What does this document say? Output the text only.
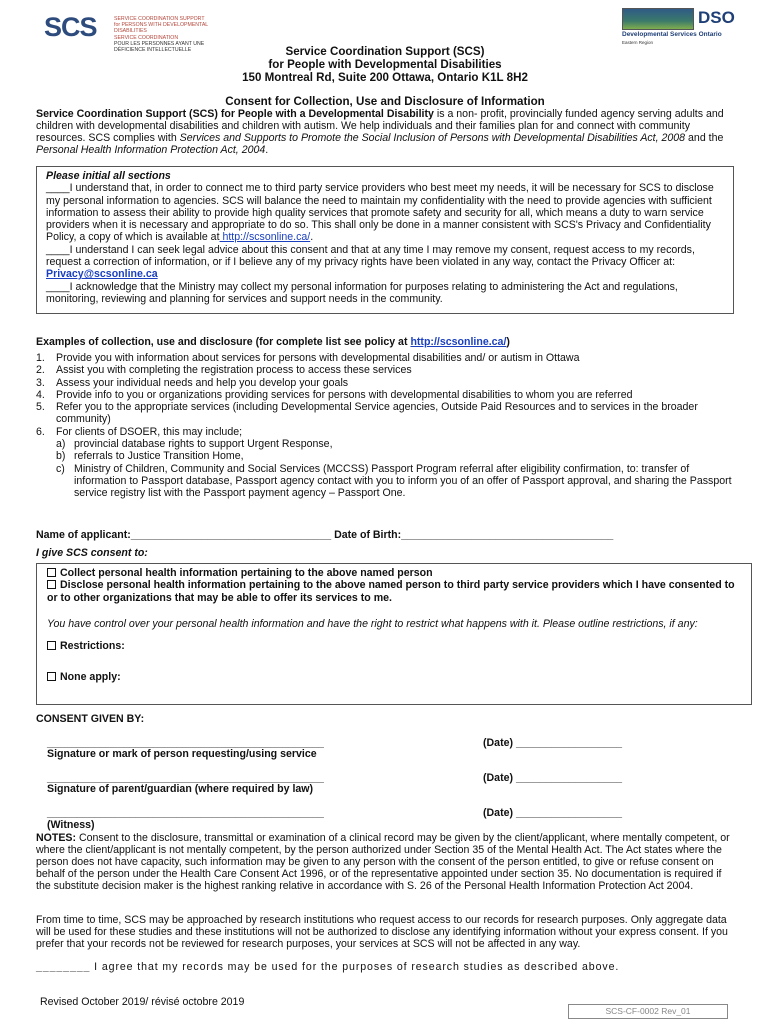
SCS	SERVICE COORDINATION SUPPORT
for PERSONS WITH DEVELOPMENTAL DISABILITIES
SERVICE COORDINATION
POUR LES PERSONNES AYANT UNE DÉFICIENCE INTELLECTUELLE
DSO
Developmental Services Ontario
Eastern Region
Service Coordination Support (SCS)
for People with Developmental Disabilities
150 Montreal Rd, Suite 200 Ottawa, Ontario K1L 8H2
Consent for Collection, Use and Disclosure of Information
Service Coordination Support (SCS) for People with a Developmental Disability is a non- profit, provincially funded agency serving adults and children with developmental disabilities and children with autism. We help individuals and their families plan for and connect with community resources. SCS complies with Services and Supports to Promote the Social Inclusion of Persons with Developmental Disabilities Act, 2008 and the Personal Health Information Protection Act, 2004.
Please initial all sections
____I understand that, in order to connect me to third party service providers who best meet my needs, it will be necessary for SCS to disclose my personal information to agencies. SCS will balance the need to maintain my confidentiality with the need to provide agencies with sufficient information to assess their ability to provide high quality services that promote safety and security for all, which means a duty to warn service providers when it is necessary and appropriate to do so. This shall only be done in a manner consistent with SCS's Privacy and Confidentiality Policy, a copy of which is available at http://scsonline.ca/.
____I understand I can seek legal advice about this consent and that at any time I may remove my consent, request access to my records, request a correction of information, or if I believe any of my privacy rights have been violated in any way, contact the Privacy Officer at: Privacy@scsonline.ca
____I acknowledge that the Ministry may collect my personal information for purposes relating to administering the Act and regulations, monitoring, reviewing and planning for services and support needs in the community.
Examples of collection, use and disclosure (for complete list see policy at http://scsonline.ca/)
1.	Provide you with information about services for persons with developmental disabilities and/ or autism in Ottawa
2.	Assist you with completing the registration process to access these services
3.	Assess your individual needs and help you develop your goals
4.	Provide info to you or organizations providing services for persons with developmental disabilities to whom you are referred
5.	Refer you to the appropriate services (including Developmental Service agencies, Outside Paid Resources and to services in the broader community)
6.	For clients of DSOER, this may include;
a) provincial database rights to support Urgent Response,
b) referrals to Justice Transition Home,
c) Ministry of Children, Community and Social Services (MCCSS) Passport Program referral after eligibility confirmation, to: transfer of information to Passport database, Passport agency contact with you to inform you of an offer of Passport approval, and sharing the Passport service registry list with the Passport payment agency – Passport One.
Name of applicant:__________________________________ Date of Birth:____________________________________
I give SCS consent to:
Collect personal health information pertaining to the above named person
Disclose personal health information pertaining to the above named person to third party service providers which I have consented to or to other organizations that may be able to offer its services to me.
You have control over your personal health information and have the right to restrict what happens with it. Please outline restrictions, if any:
Restrictions:
None apply:
CONSENT GIVEN BY:
_______________________________________________	(Date) __________________
Signature or mark of person requesting/using service
_______________________________________________	(Date) __________________
Signature of parent/guardian (where required by law)
_______________________________________________	(Date) __________________
(Witness)
NOTES: Consent to the disclosure, transmittal or examination of a clinical record may be given by the client/applicant, where mentally competent, or where the client/applicant is not mentally competent, by the person authorized under Section 35 of the Mental Health Act. The Act states where the person does not have capacity, such information may be given to any person with the consent of the person entitled, to give or refuse consent on behalf of the person under the Health Care Consent Act 1996, or of the representative appointed under section 35. No documentation is required if the substitute decision maker is the highest ranking relative in accordance with S. 26 of the Personal Health Information Protection Act 2004.
From time to time, SCS may be approached by research institutions who request access to our records for research purposes. Only aggregate data will be used for these studies and these institutions will not be authorized to disclose any identifying information without your express consent. If you prefer that your records not be reviewed for research purposes, your services at SCS will not be affected in any way.
________ I agree that my records may be used for the purposes of research studies as described above.
Revised October 2019/ révisé octobre 2019
SCS-CF-0002 Rev_01
